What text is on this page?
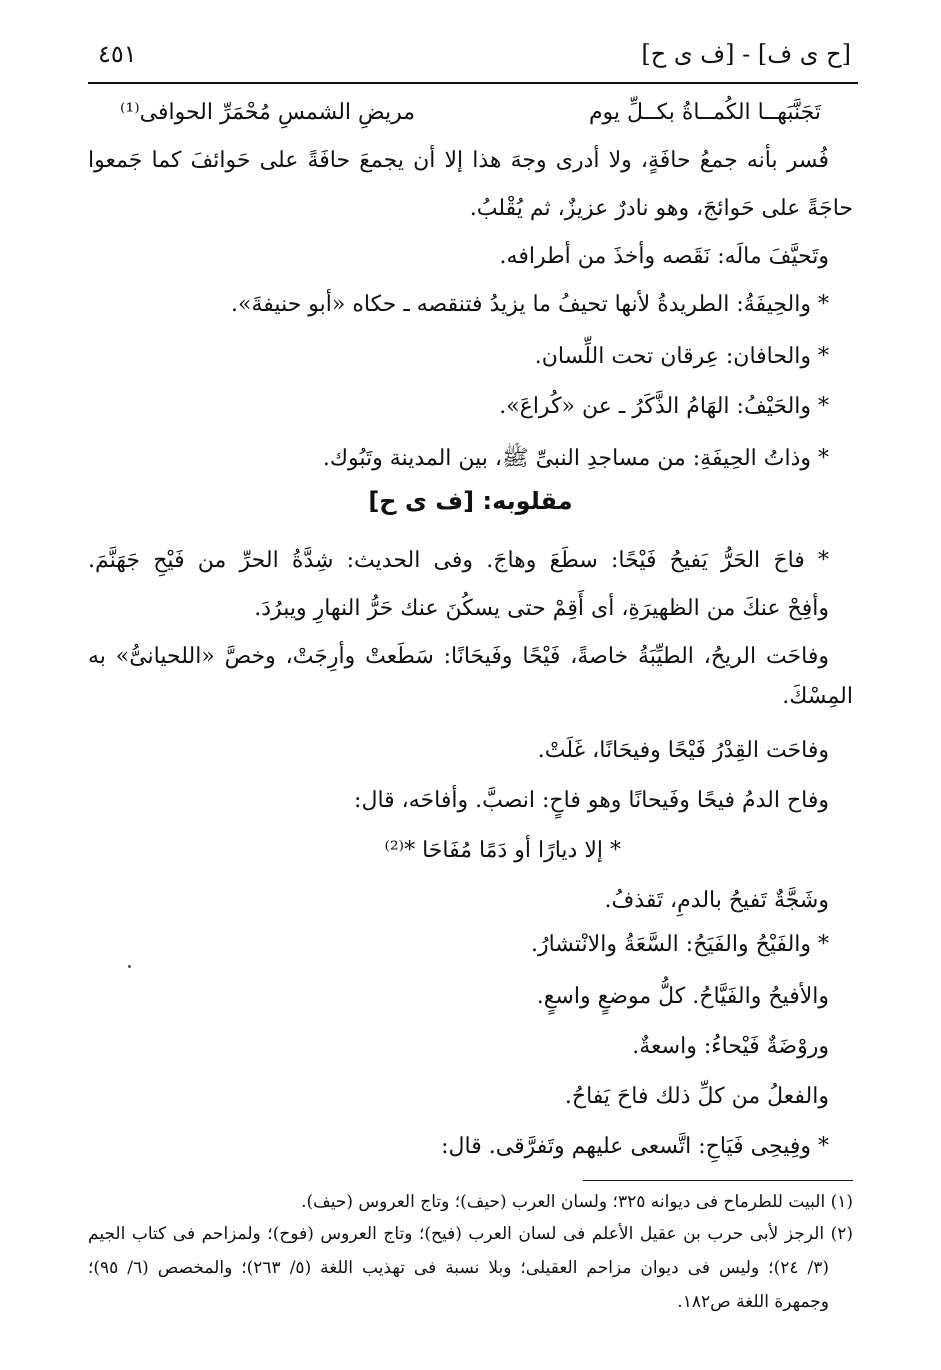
[ح ى ف] - [ف ى ح]
٤٥١
تَجَنَّبَهــا الكُمــاةُ بكــلِّ يوم
مريضِ الشمسِ مُحْمَرِّ الحوافى⁽¹⁾
فُسر بأنه جمعُ حافَةٍ، ولا أدرى وجهَ هذا إلا أن يجمعَ حافَةً على حَوائفَ كما جَمعوا
حاجَةً على حَوائجَ، وهو نادرٌ عزيزٌ، ثم يُقْلبُ.
وتَحيَّفَ مالَه: نَقَصه وأخذَ من أطرافه.
* والحِيفَةُ: الطريدةُ لأنها تحيفُ ما يزيدُ فتنقصه ـ حكاه «أبو حنيفةَ».
* والحافان: عِرقان تحت اللِّسان.
* والحَيْفُ: الهَامُ الذَّكَرُ ـ عن «كُراعَ».
* وذاتُ الحِيفَةِ: من مساجدِ النبىِّ ﷺ، بين المدينة وتَبُوك.
مقلوبه: [ف ى ح]
* فاحَ الحَرُّ يَفيحُ فَيْحًا: سطَعَ وهاجَ. وفى الحديث: شِدَّةُ الحرِّ من فَيْحِ جَهَنَّمَ.
وأفِحْ عنكَ من الظهيرَةِ، أى أَقِمْ حتى يسكُنَ عنك حَرُّ النهارِ ويبرُدَ.
وفاحَت الريحُ، الطيِّبَةُ خاصةً، فَيْحًا وفَيحَانًا: سَطَعتْ وأرِجَتْ، وخصَّ «اللحيانىُّ» به
المِسْكَ.
وفاحَت القِدْرُ فَيْحًا وفيحَانًا، غَلَتْ.
وفاح الدمُ فيحًا وفَيحانًا وهو فاحٍ: انصبَّ. وأفاحَه، قال:
* إلا ديارًا أو دَمًا مُفَاحَا *⁽²⁾
وشَجَّةٌ تَفيحُ بالدمِ، تَقذفُ.
* والفَيْحُ والفَيَحُ: السَّعَةُ والانْتشارُ.
والأفيحُ والفَيَّاحُ. كلُّ موضعٍ واسعٍ.
وروْضَةٌ فَيْحاءُ: واسعةٌ.
والفعلُ من كلِّ ذلك فاحَ يَفاحُ.
* وفِيحِى فَيَاحِ: اتَّسعى عليهم وتَفرَّقى. قال:
(١) البيت للطرماح فى ديوانه ٣٢٥؛ ولسان العرب (حيف)؛ وتاج العروس (حيف).
(٢) الرجز لأبى حرب بن عقيل الأعلم فى لسان العرب (فيح)؛ وتاج العروس (فوح)؛ ولمزاحم فى كتاب الجيم
(٣/ ٢٤)؛ وليس فى ديوان مزاحم العقيلى؛ وبلا نسبة فى تهذيب اللغة (٥/ ٢٦٣)؛ والمخصص (٦/ ٩٥)؛
وجمهرة اللغة ص١٨٢.
